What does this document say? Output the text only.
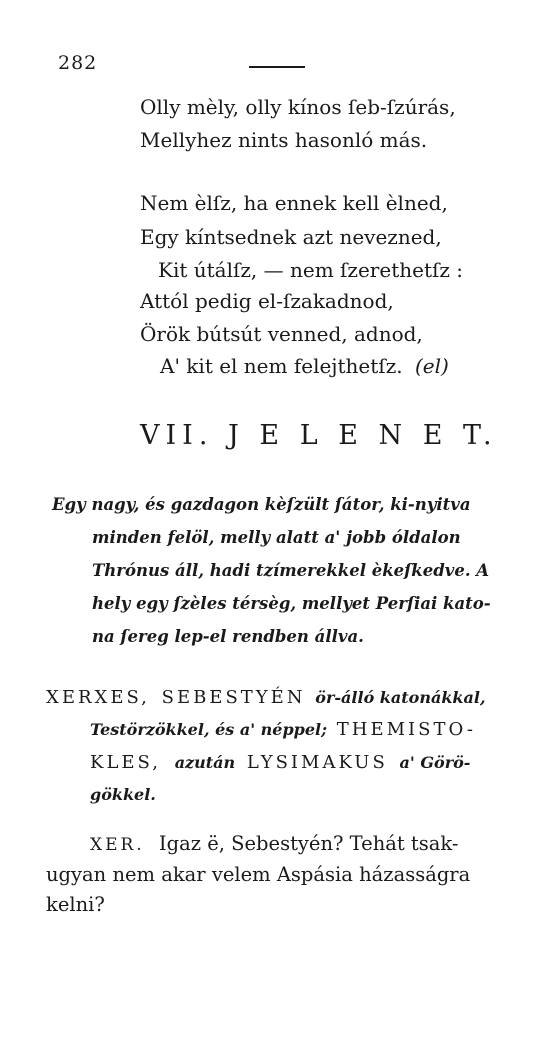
282
Olly mèly, olly kínos ſeb-ſzúrás,
Mellyhez nints hasonló más.
Nem èlſz, ha ennek kell èlned,
Egy kíntsednek azt nevezned,
Kit útálſz, — nem ſzerethetſz :
Attól pedig el-ſzakadnod,
Örök bútsút venned, adnod,
A' kit el nem felejthetſz. (el)
VII. J E L E N E T.
Egy nagy, és gazdagon kèſzült ſátor, ki-nyitva
minden felöl, melly alatt a' jobb óldalon
Thrónus áll, hadi tzímerekkel èkeſkedve. A
hely egy ſzèles térsèg, mellyet Perſiai kato-
na ſereg lep-el rendben állva.
XERXES, SEBESTYÉN ör-álló katonákkal,
Testörzökkel, és a' néppel; THEMISTO-
KLES, azután LYSIMAKUS a' Görö-
gökkel.
XER. Igaz ë, Sebestyén? Tehát tsak-
ugyan nem akar velem Aspásia házasságra
kelni?
